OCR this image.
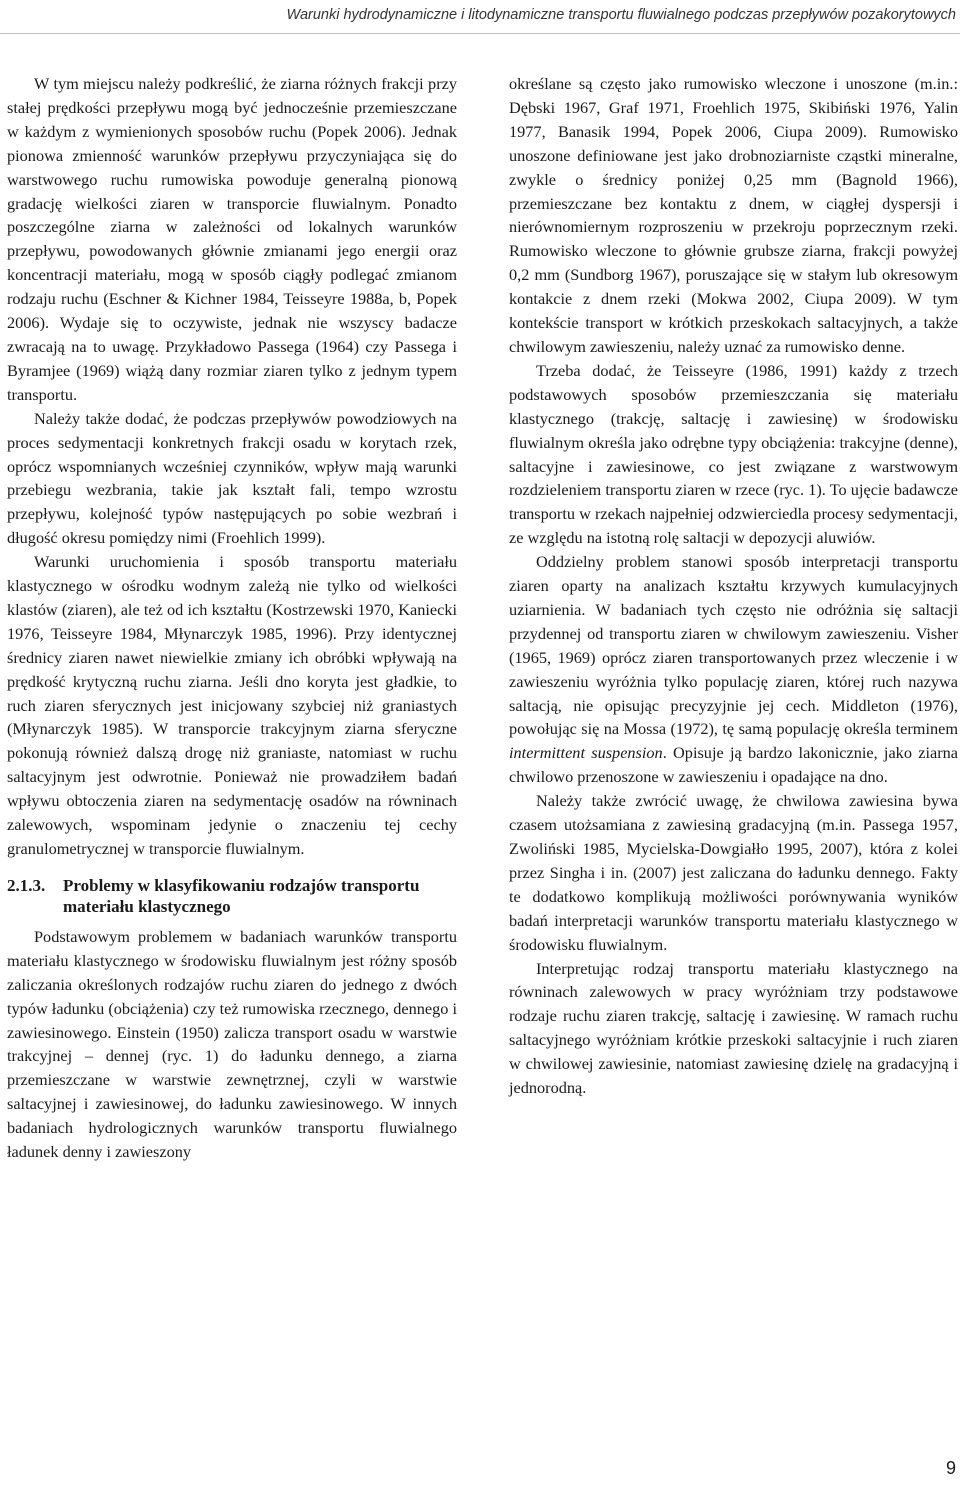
Warunki hydrodynamiczne i litodynamiczne transportu fluwialnego podczas przepływów pozakorytowych

W tym miejscu należy podkreślić, że ziarna różnych frakcji przy stałej prędkości przepływu mogą być jednocześnie przemieszczane w każdym z wymienionych sposobów ruchu (Popek 2006). Jednak pionowa zmienność warunków przepływu przyczyniająca się do warstwowego ruchu rumowiska powoduje generalną pionową gradację wielkości ziaren w transporcie fluwialnym. Ponadto poszczególne ziarna w zależności od lokalnych warunków przepływu, powodowanych głównie zmianami jego energii oraz koncentracji materiału, mogą w sposób ciągły podlegać zmianom rodzaju ruchu (Eschner & Kichner 1984, Teisseyre 1988a, b, Popek 2006). Wydaje się to oczywiste, jednak nie wszyscy badacze zwracają na to uwagę. Przykładowo Passega (1964) czy Passega i Byramjee (1969) wiążą dany rozmiar ziaren tylko z jednym typem transportu.

Należy także dodać, że podczas przepływów powodziowych na proces sedymentacji konkretnych frakcji osadu w korytach rzek, oprócz wspomnianych wcześniej czynników, wpływ mają warunki przebiegu wezbrania, takie jak kształt fali, tempo wzrostu przepływu, kolejność typów następujących po sobie wezbrań i długość okresu pomiędzy nimi (Froehlich 1999).

Warunki uruchomienia i sposób transportu materiału klastycznego w ośrodku wodnym zależą nie tylko od wielkości klastów (ziaren), ale też od ich kształtu (Kostrzewski 1970, Kaniecki 1976, Teisseyre 1984, Młynarczyk 1985, 1996). Przy identycznej średnicy ziaren nawet niewielkie zmiany ich obróbki wpływają na prędkość krytyczną ruchu ziarna. Jeśli dno koryta jest gładkie, to ruch ziaren sferycznych jest inicjowany szybciej niż graniastych (Młynarczyk 1985). W transporcie trakcyjnym ziarna sferyczne pokonują również dalszą drogę niż graniaste, natomiast w ruchu saltacyjnym jest odwrotnie. Ponieważ nie prowadziłem badań wpływu obtoczenia ziaren na sedymentację osadów na równinach zalewowych, wspominam jedynie o znaczeniu tej cechy granulometrycznej w transporcie fluwialnym.

2.1.3.	Problemy w klasyfikowaniu rodzajów transportu materiału klastycznego

Podstawowym problemem w badaniach warunków transportu materiału klastycznego w środowisku fluwialnym jest różny sposób zaliczania określonych rodzajów ruchu ziaren do jednego z dwóch typów ładunku (obciążenia) czy też rumowiska rzecznego, dennego i zawiesinowego. Einstein (1950) zalicza transport osadu w warstwie trakcyjnej – dennej (ryc. 1) do ładunku dennego, a ziarna przemieszczane w warstwie zewnętrznej, czyli w warstwie saltacyjnej i zawiesinowej, do ładunku zawiesinowego. W innych badaniach hydrologicznych warunków transportu fluwialnego ładunek denny i zawieszony

określane są często jako rumowisko wleczone i unoszone (m.in.: Dębski 1967, Graf 1971, Froehlich 1975, Skibiński 1976, Yalin 1977, Banasik 1994, Popek 2006, Ciupa 2009). Rumowisko unoszone definiowane jest jako drobnoziarniste cząstki mineralne, zwykle o średnicy poniżej 0,25 mm (Bagnold 1966), przemieszczane bez kontaktu z dnem, w ciągłej dyspersji i nierównomiernym rozproszeniu w przekroju poprzecznym rzeki. Rumowisko wleczone to głównie grubsze ziarna, frakcji powyżej 0,2 mm (Sundborg 1967), poruszające się w stałym lub okresowym kontakcie z dnem rzeki (Mokwa 2002, Ciupa 2009). W tym kontekście transport w krótkich przeskokach saltacyjnych, a także chwilowym zawieszeniu, należy uznać za rumowisko denne.

Trzeba dodać, że Teisseyre (1986, 1991) każdy z trzech podstawowych sposobów przemieszczania się materiału klastycznego (trakcję, saltację i zawiesinę) w środowisku fluwialnym określa jako odrębne typy obciążenia: trakcyjne (denne), saltacyjne i zawiesinowe, co jest związane z warstwowym rozdzieleniem transportu ziaren w rzece (ryc. 1). To ujęcie badawcze transportu w rzekach najpełniej odzwierciedla procesy sedymentacji, ze względu na istotną rolę saltacji w depozycji aluwiów.

Oddzielny problem stanowi sposób interpretacji transportu ziaren oparty na analizach kształtu krzywych kumulacyjnych uziarnienia. W badaniach tych często nie odróżnia się saltacji przydennej od transportu ziaren w chwilowym zawieszeniu. Visher (1965, 1969) oprócz ziaren transportowanych przez wleczenie i w zawieszeniu wyróżnia tylko populację ziaren, której ruch nazywa saltacją, nie opisując precyzyjnie jej cech. Middleton (1976), powołując się na Mossa (1972), tę samą populację określa terminem intermittent suspension. Opisuje ją bardzo lakonicznie, jako ziarna chwilowo przenoszone w zawieszeniu i opadające na dno.

Należy także zwrócić uwagę, że chwilowa zawiesina bywa czasem utożsamiana z zawiesiną gradacyjną (m.in. Passega 1957, Zwoliński 1985, Mycielska-Dowgiałło 1995, 2007), która z kolei przez Singha i in. (2007) jest zaliczana do ładunku dennego. Fakty te dodatkowo komplikują możliwości porównywania wyników badań interpretacji warunków transportu materiału klastycznego w środowisku fluwialnym.

Interpretując rodzaj transportu materiału klastycznego na równinach zalewowych w pracy wyróżniam trzy podstawowe rodzaje ruchu ziaren trakcję, saltację i zawiesinę. W ramach ruchu saltacyjnego wyróżniam krótkie przeskoki saltacyjnie i ruch ziaren w chwilowej zawiesinie, natomiast zawiesinę dzielę na gradacyjną i jednorodną.

9
